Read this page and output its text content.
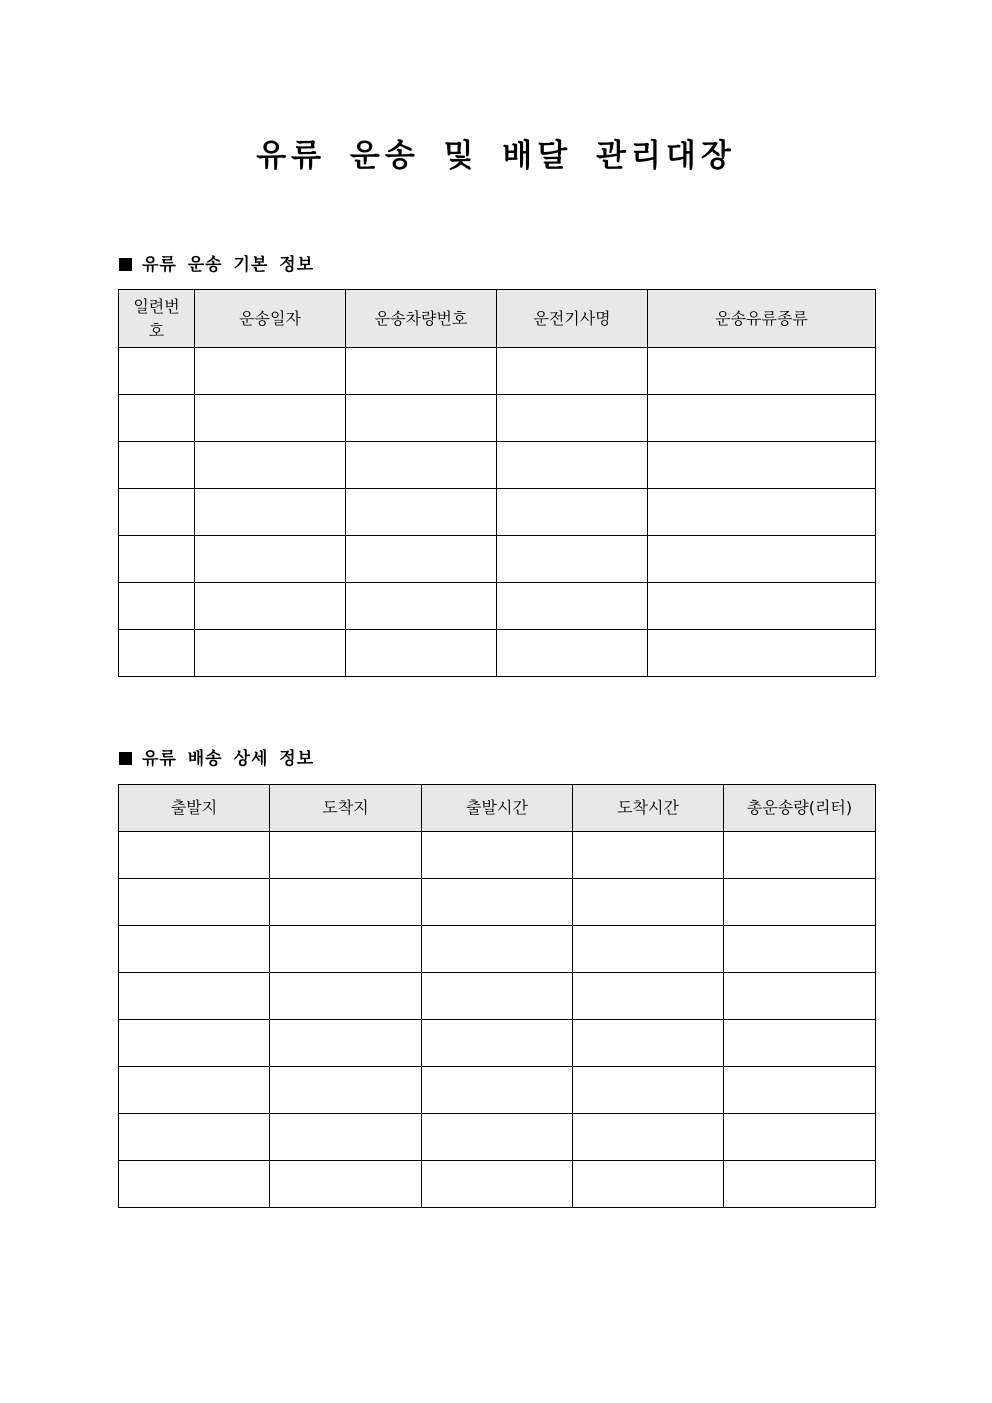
유류 운송 및 배달 관리대장
유류 운송 기본 정보
일련번호	운송일자	운송차량번호	운전기사명	운송유류종류

유류 배송 상세 정보
출발지	도착지	출발시간	도착시간	총운송량(리터)
